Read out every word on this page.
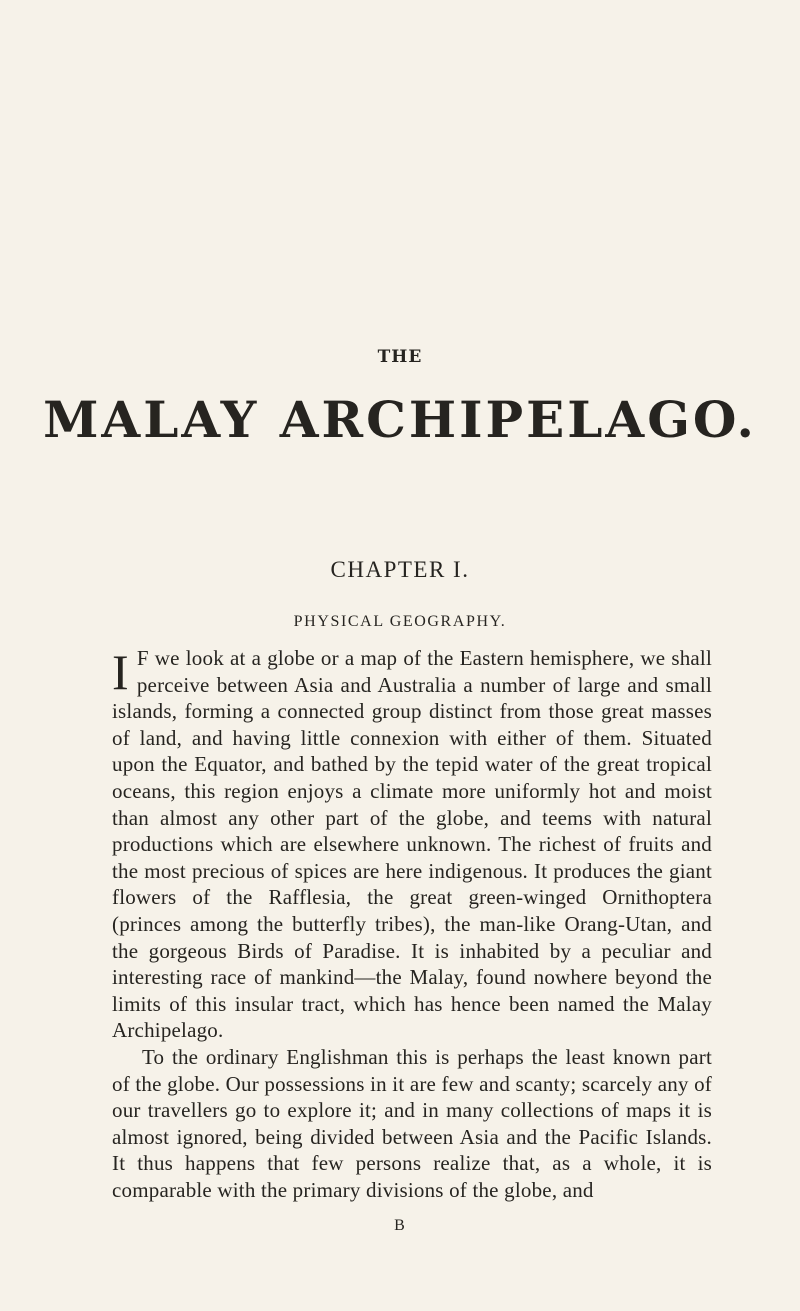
THE
MALAY ARCHIPELAGO.
CHAPTER I.
PHYSICAL GEOGRAPHY.

I F we look at a globe or a map of the Eastern hemisphere, we shall perceive between Asia and Australia a number of large and small islands, forming a connected group distinct from those great masses of land, and having little connexion with either of them. Situated upon the Equator, and bathed by the tepid water of the great tropical oceans, this region enjoys a climate more uniformly hot and moist than almost any other part of the globe, and teems with natural productions which are elsewhere unknown. The richest of fruits and the most precious of spices are here indigenous. It produces the giant flowers of the Rafflesia, the great green-winged Ornithoptera (princes among the butterfly tribes), the man-like Orang-Utan, and the gorgeous Birds of Paradise. It is inhabited by a peculiar and interesting race of mankind—the Malay, found nowhere beyond the limits of this insular tract, which has hence been named the Malay Archipelago.

To the ordinary Englishman this is perhaps the least known part of the globe. Our possessions in it are few and scanty; scarcely any of our travellers go to explore it; and in many collections of maps it is almost ignored, being divided between Asia and the Pacific Islands. It thus happens that few persons realize that, as a whole, it is comparable with the primary divisions of the globe, and

B
